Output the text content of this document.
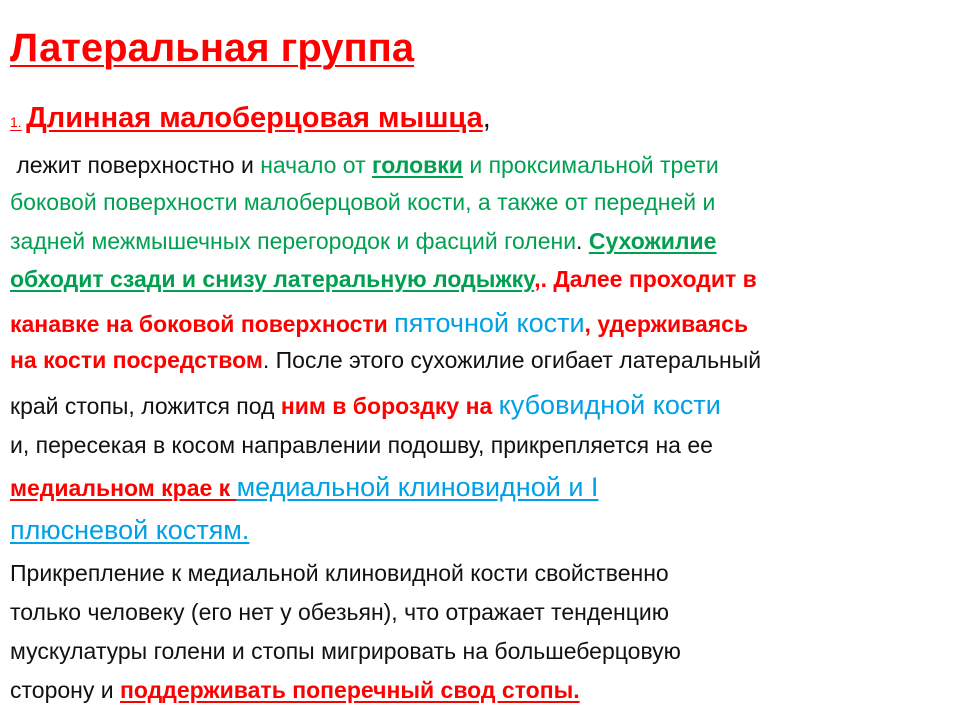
Латеральная группа
1. Длинная малоберцовая мышца,
лежит поверхностно и начало от головки и проксимальной трети
боковой поверхности малоберцовой кости, а также от передней и
задней межмышечных перегородок и фасций голени. Сухожилие
обходит сзади и снизу латеральную лодыжку,. Далее проходит в
канавке на боковой поверхности пяточной кости, удерживаясь
на кости посредством. После этого сухожилие огибает латеральный
край стопы, ложится под ним в бороздку на кубовидной кости
и, пересекая в косом направлении подошву, прикрепляется на ее
медиальном крае к медиальной клиновидной и I
плюсневой костям.
Прикрепление к медиальной клиновидной кости свойственно
только человеку (его нет у обезьян), что отражает тенденцию
мускулатуры голени и стопы мигрировать на большеберцовую
сторону и поддерживать поперечный свод стопы.
